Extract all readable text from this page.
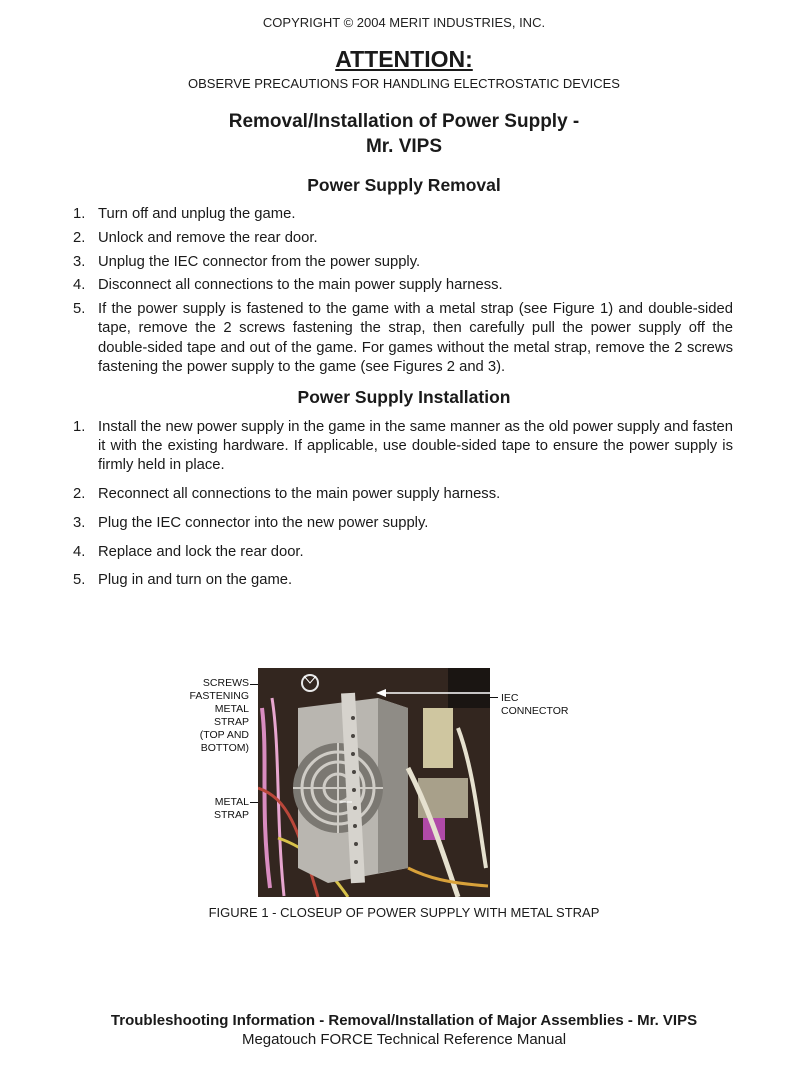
COPYRIGHT © 2004 MERIT INDUSTRIES, INC.
ATTENTION:
OBSERVE PRECAUTIONS FOR HANDLING ELECTROSTATIC DEVICES
Removal/Installation of Power Supply -
Mr. VIPS
Power Supply Removal
1. Turn off and unplug the game.
2. Unlock and remove the rear door.
3. Unplug the IEC connector from the power supply.
4. Disconnect all connections to the main power supply harness.
5. If the power supply is fastened to the game with a metal strap (see Figure 1) and double-sided tape, remove the 2 screws fastening the strap, then carefully pull the power supply off the double-sided tape and out of the game. For games without the metal strap, remove the 2 screws fastening the power supply to the game (see Figures 2 and 3).
Power Supply Installation
1. Install the new power supply in the game in the same manner as the old power supply and fasten it with the existing hardware. If applicable, use double-sided tape to ensure the power supply is firmly held in place.
2. Reconnect all connections to the main power supply harness.
3. Plug the IEC connector into the new power supply.
4. Replace and lock the rear door.
5. Plug in and turn on the game.
SCREWS
FASTENING
METAL
STRAP
(TOP AND
BOTTOM)
METAL
STRAP
IEC
CONNECTOR
FIGURE 1 - CLOSEUP OF POWER SUPPLY WITH METAL STRAP
Troubleshooting Information - Removal/Installation of Major Assemblies - Mr. VIPS
Megatouch FORCE Technical Reference Manual
